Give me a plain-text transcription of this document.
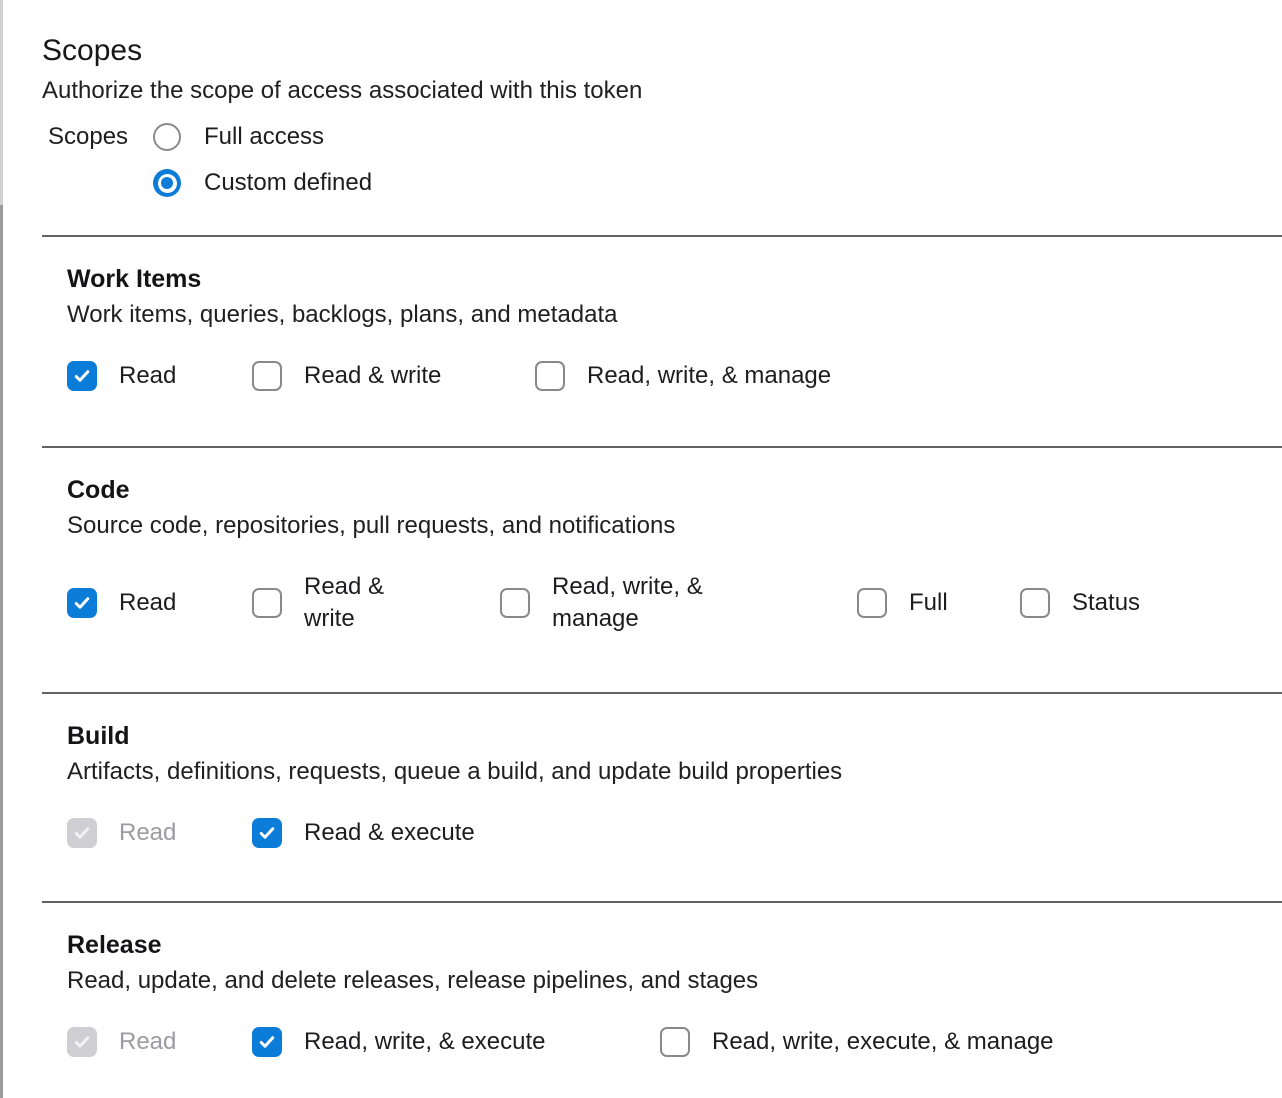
Scopes
Authorize the scope of access associated with this token
Scopes	Full access
Custom defined
Work Items
Work items, queries, backlogs, plans, and metadata
Read	Read & write	Read, write, & manage
Code
Source code, repositories, pull requests, and notifications
Read
Read & write
Read, write, & manage
Full	Status
Build
Artifacts, definitions, requests, queue a build, and update build properties
Read	Read & execute
Release
Read, update, and delete releases, release pipelines, and stages
Read	Read, write, & execute	Read, write, execute, & manage
